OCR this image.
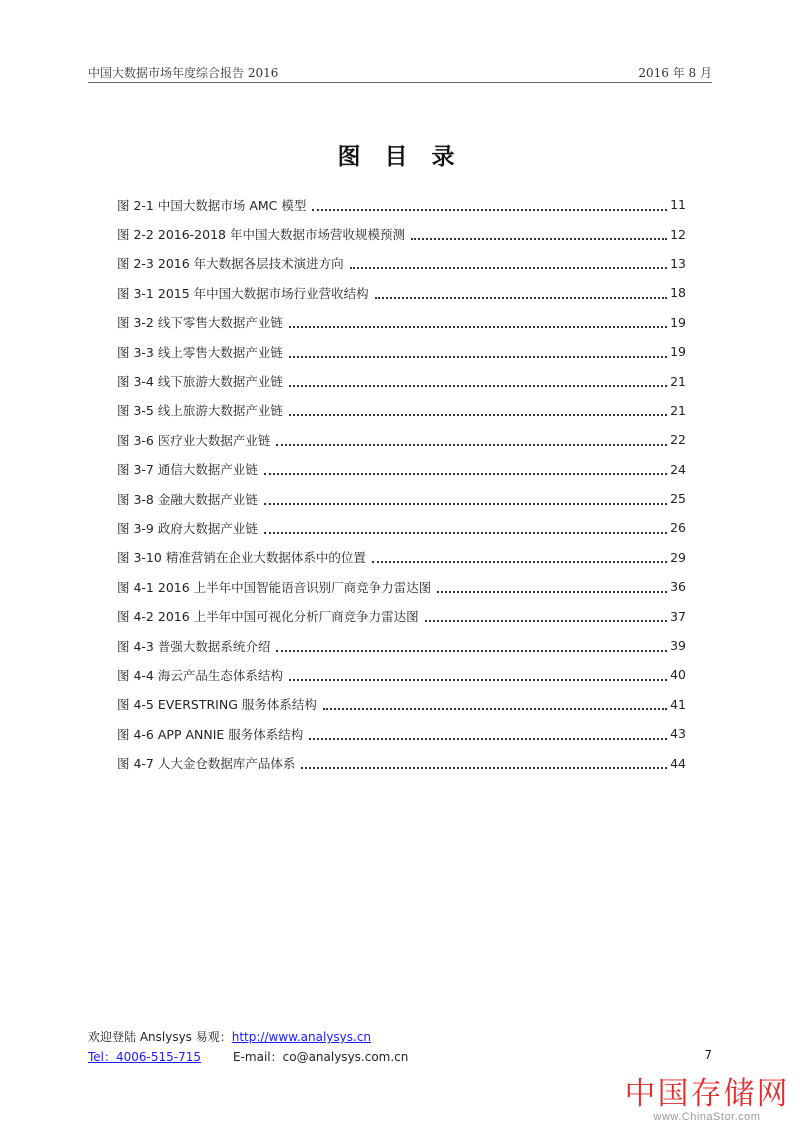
中国大数据市场年度综合报告 2016	2016 年 8 月
图 目 录
图 2-1 中国大数据市场 AMC 模型	11
图 2-2 2016-2018 年中国大数据市场营收规模预测	12
图 2-3 2016 年大数据各层技术演进方向	13
图 3-1 2015 年中国大数据市场行业营收结构	18
图 3-2 线下零售大数据产业链	19
图 3-3 线上零售大数据产业链	19
图 3-4 线下旅游大数据产业链	21
图 3-5 线上旅游大数据产业链	21
图 3-6 医疗业大数据产业链	22
图 3-7 通信大数据产业链	24
图 3-8 金融大数据产业链	25
图 3-9 政府大数据产业链	26
图 3-10 精准营销在企业大数据体系中的位置	29
图 4-1 2016 上半年中国智能语音识别厂商竞争力雷达图	36
图 4-2 2016 上半年中国可视化分析厂商竞争力雷达图	37
图 4-3 普强大数据系统介绍	39
图 4-4 海云产品生态体系结构	40
图 4-5 EVERSTRING 服务体系结构	41
图 4-6 APP ANNIE 服务体系结构	43
图 4-7 人大金仓数据库产品体系	44
欢迎登陆 Anslysys 易观：http://www.analysys.cn
Tel：4006-515-715	E-mail：co@analysys.com.cn	7
中国存储网
www.ChinaStor.com
